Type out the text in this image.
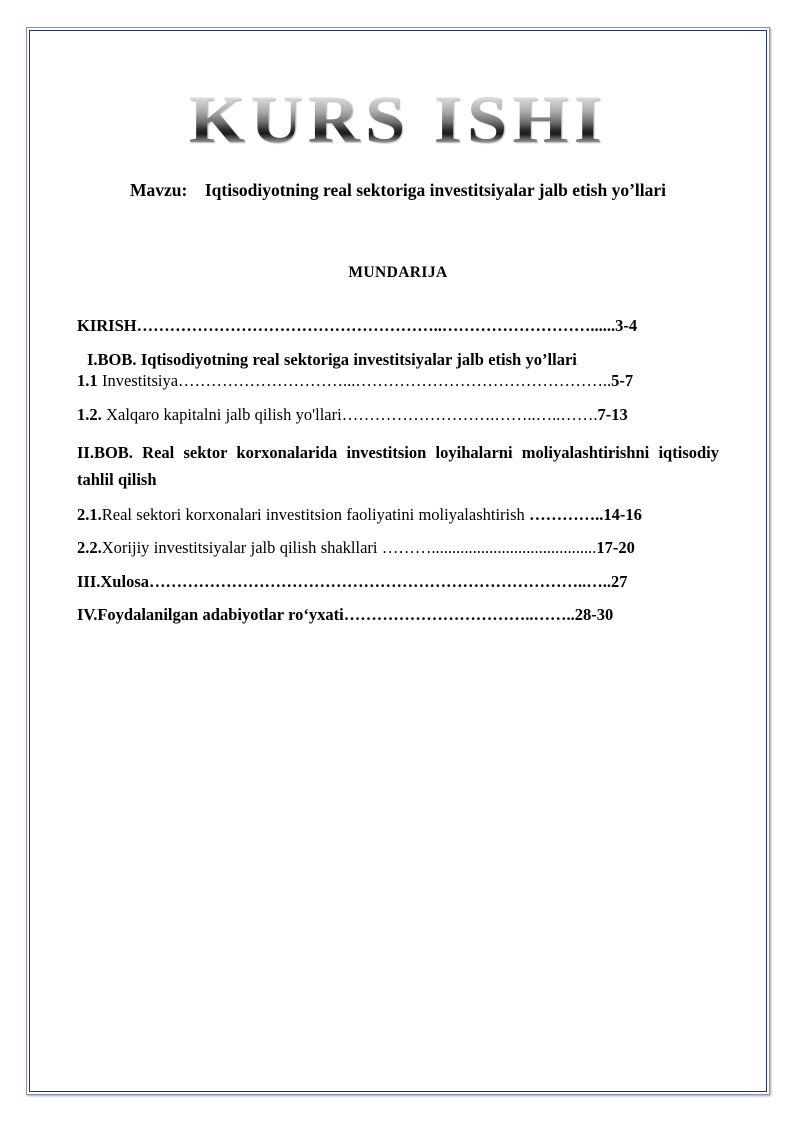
KURS ISHI

Mavzu: Iqtisodiyotning real sektoriga investitsiyalar jalb etish yo’llari

MUNDARIJA

KIRISH………………………………………………..………………………......3-4
I.BOB. Iqtisodiyotning real sektoriga investitsiyalar jalb etish yo’llari
1.1 Investitsiya…………………………...………………………………………..5-7
1.2. Xalqaro kapitalni jalb qilish yo'llari……………………….……..…..…….7-13
II.BOB. Real sektor korxonalarida investitsion loyihalarni moliyalashtirishni iqtisodiy tahlil qilish
2.1.Real sektori korxonalari investitsion faoliyatini moliyalashtirish …………..14-16
2.2.Xorijiy investitsiyalar jalb qilish shakllari ………........................................17-20
III.Xulosa……………………………………………………………………..…..27
IV.Foydalanilgan adabiyotlar ro‘yxati……………………………..……..28-30
